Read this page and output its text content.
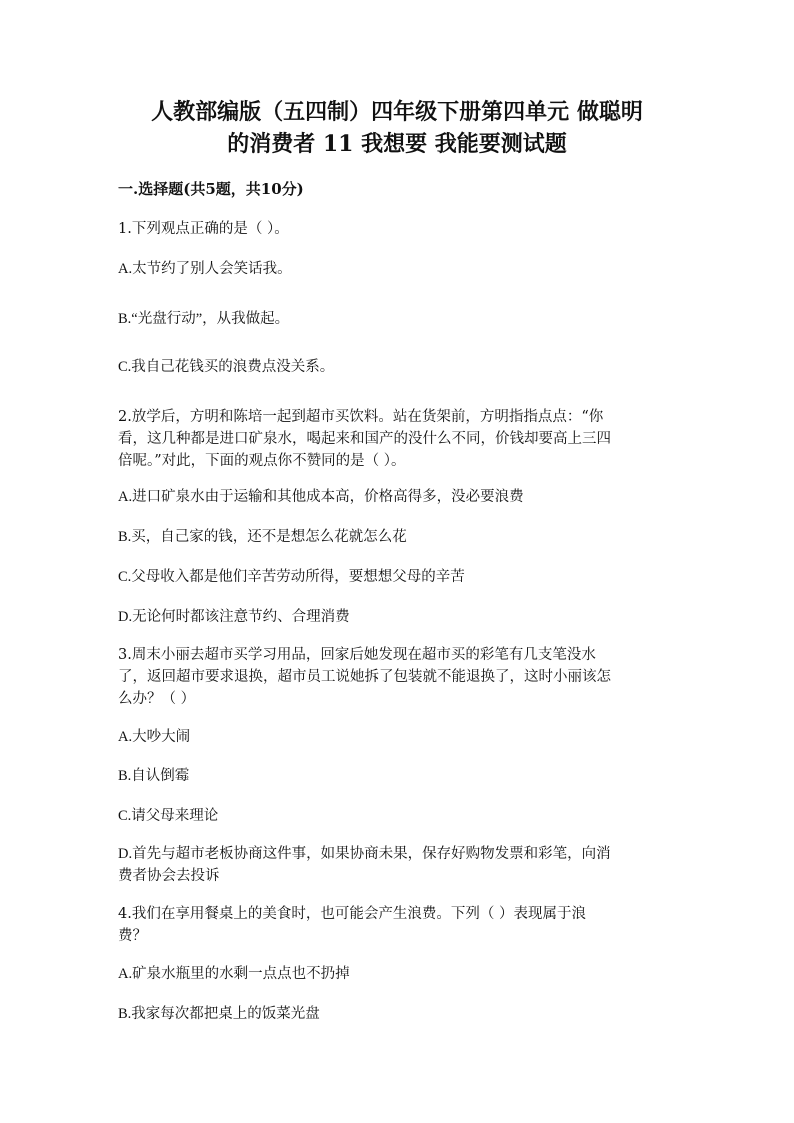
人教部编版（五四制）四年级下册第四单元 做聪明
的消费者 11 我想要 我能要测试题

一.选择题(共5题，共10分)

1.下列观点正确的是（ ）。

A.太节约了别人会笑话我。

B.“光盘行动”，从我做起。

C.我自己花钱买的浪费点没关系。

2.放学后，方明和陈培一起到超市买饮料。站在货架前，方明指指点点：“你

看，这几种都是进口矿泉水，喝起来和国产的没什么不同，价钱却要高上三四

倍呢。”对此，下面的观点你不赞同的是（ ）。

A.进口矿泉水由于运输和其他成本高，价格高得多，没必要浪费

B.买，自己家的钱，还不是想怎么花就怎么花

C.父母收入都是他们辛苦劳动所得，要想想父母的辛苦

D.无论何时都该注意节约、合理消费

3.周末小丽去超市买学习用品，回家后她发现在超市买的彩笔有几支笔没水

了，返回超市要求退换，超市员工说她拆了包装就不能退换了，这时小丽该怎

么办？（ ）

A.大吵大闹

B.自认倒霉

C.请父母来理论

D.首先与超市老板协商这件事，如果协商未果，保存好购物发票和彩笔，向消

费者协会去投诉

4.我们在享用餐桌上的美食时，也可能会产生浪费。下列（ ）表现属于浪

费？

A.矿泉水瓶里的水剩一点点也不扔掉

B.我家每次都把桌上的饭菜光盘
